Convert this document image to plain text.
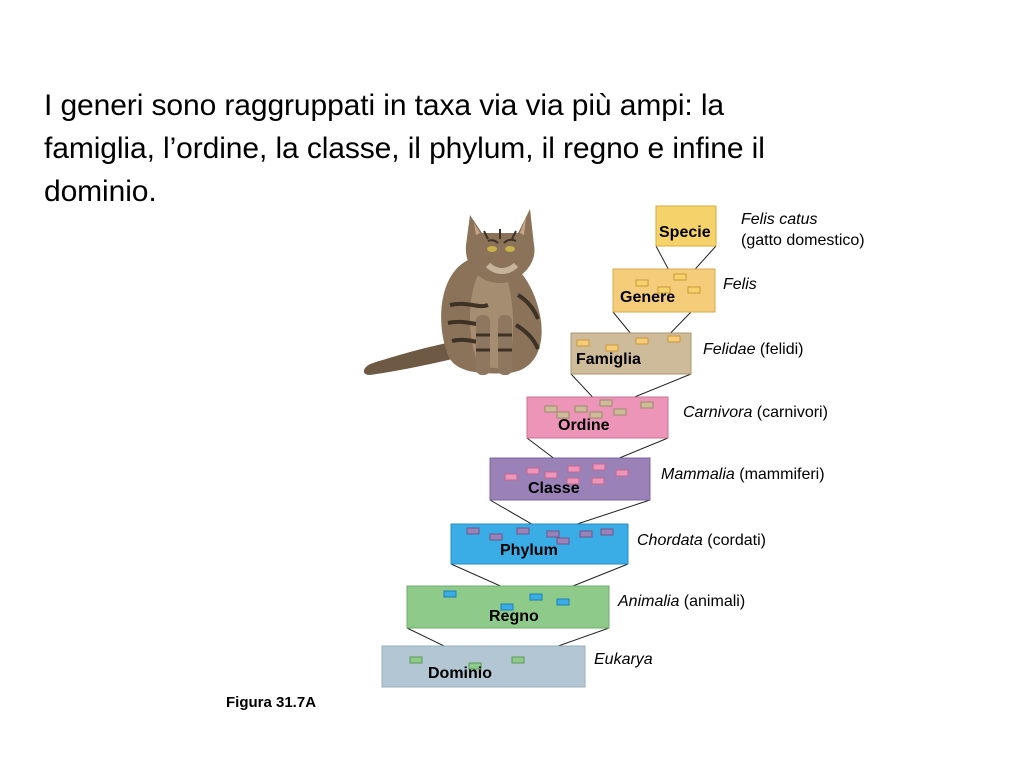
I generi sono raggruppati in taxa via via più ampi: la
famiglia, l’ordine, la classe, il phylum, il regno e infine il
dominio.
Specie
Genere
Famiglia
Ordine
Classe
Phylum
Regno
Dominio
Felis catus
(gatto domestico)
Felis
Felidae (felidi)
Carnivora (carnivori)
Mammalia (mammiferi)
Chordata (cordati)
Animalia (animali)
Eukarya
Figura 31.7A
